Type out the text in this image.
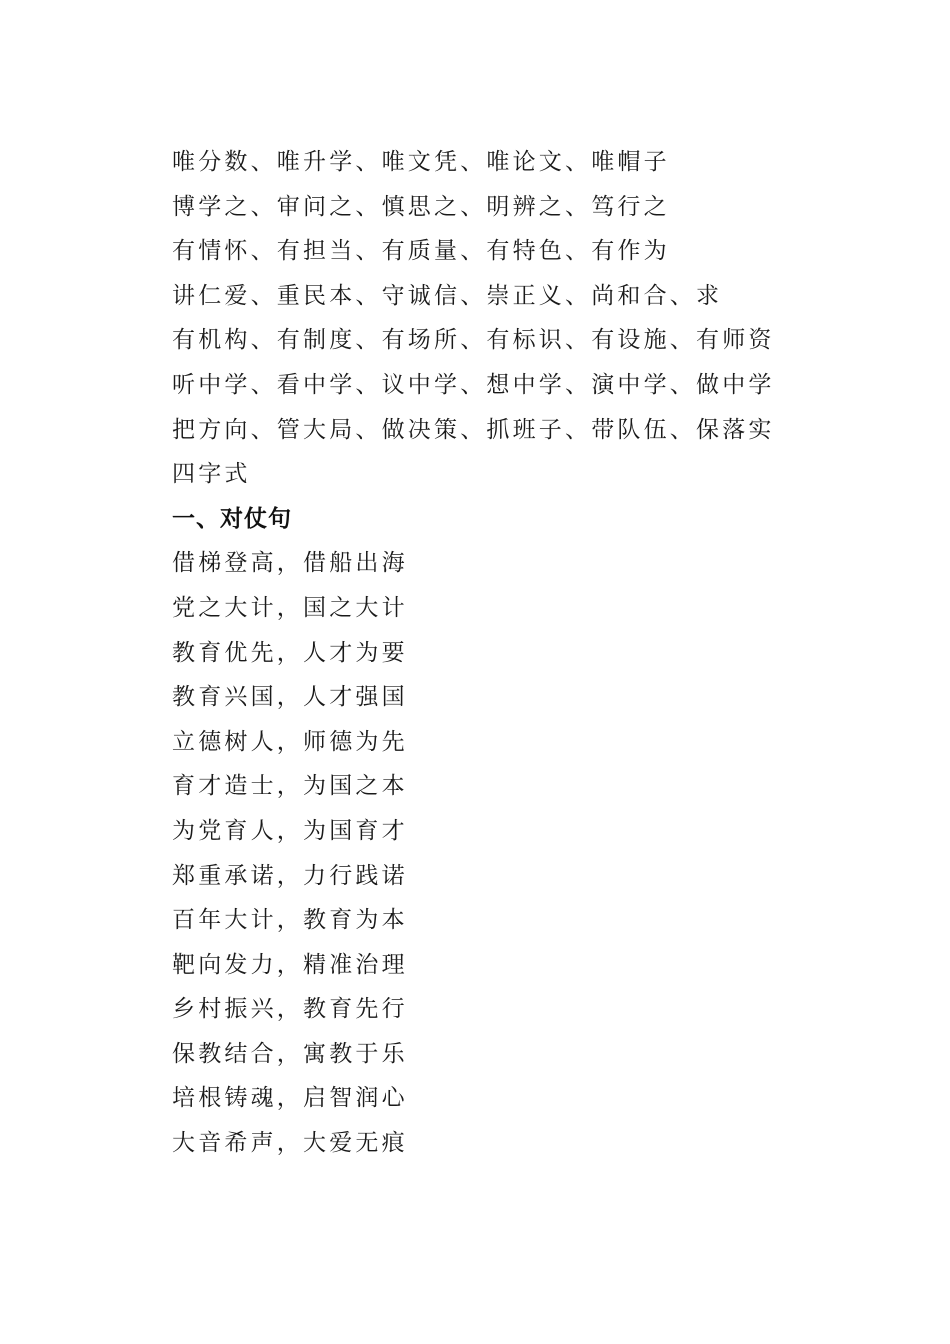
唯分数、唯升学、唯文凭、唯论文、唯帽子
博学之、审问之、慎思之、明辨之、笃行之
有情怀、有担当、有质量、有特色、有作为
讲仁爱、重民本、守诚信、崇正义、尚和合、求
有机构、有制度、有场所、有标识、有设施、有师资
听中学、看中学、议中学、想中学、演中学、做中学
把方向、管大局、做决策、抓班子、带队伍、保落实
四字式
一、对仗句
借梯登高，借船出海
党之大计，国之大计
教育优先，人才为要
教育兴国，人才强国
立德树人，师德为先
育才造士，为国之本
为党育人，为国育才
郑重承诺，力行践诺
百年大计，教育为本
靶向发力，精准治理
乡村振兴，教育先行
保教结合，寓教于乐
培根铸魂，启智润心
大音希声，大爱无痕
